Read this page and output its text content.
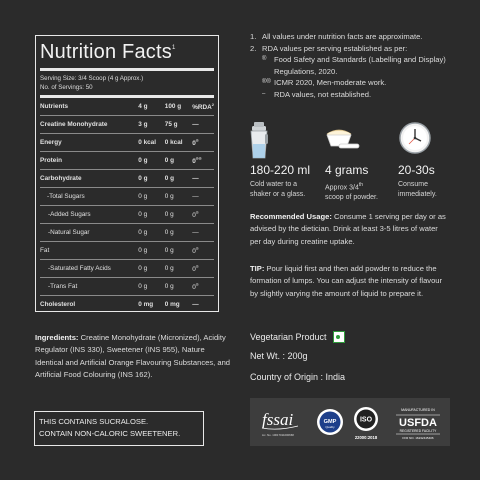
Nutrition Facts$^1$
Serving Size: 3/4 Scoop (4 g Approx.)
No. of Servings: 50
Nutrients	4 g	100 g	%RDA$^2$
Creatine Monohydrate	3 g	75 g	—
Energy	0 kcal	0 kcal	0®
Protein	0 g	0 g	0®®
Carbohydrate	0 g	0 g	—
-Total Sugars	0 g	0 g	—
-Added Sugars	0 g	0 g	0®
-Natural Sugar	0 g	0 g	—
Fat	0 g	0 g	0®
-Saturated Fatty Acids	0 g	0 g	0®
-Trans Fat	0 g	0 g	0®
Cholesterol	0 mg	0 mg	—
Ingredients: Creatine Monohydrate (Micronized), Acidity Regulator (INS 330), Sweetener (INS 955), Nature Identical and Artificial Orange Flavouring Substances, and Artificial Food Colouring (INS 162).
THIS CONTAINS SUCRALOSE.
CONTAIN NON-CALORIC SWEETENER.
1. All values under nutrition facts are approximate.
2. RDA values per serving established as per:
® Food Safety and Standards (Labelling and Display) Regulations, 2020.
®® ICMR 2020, Men-moderate work.
–	RDA values, not established.
180-220 ml
Cold water to a
shaker or a glass.
4 grams
Approx 3/4th
scoop of powder.
20-30s
Consume
immediately.
Recommended Usage: Consume 1 serving per day or as advised by the dietician. Drink at least 3-5 litres of water per day during creatine uptake.
TIP: Pour liquid first and then add powder to reduce the formation of lumps. You can adjust the intensity of flavour by slightly varying the amount of liquid to prepare it.
Vegetarian Product
Net Wt. : 200g
Country of Origin : India
fssai
Lic. No. 10017011000668
GMP
Quality
ISO
22000:2018
MANUFACTURED IN
USFDA
REGISTERED FACILITY
FFR NO. 16232445406
